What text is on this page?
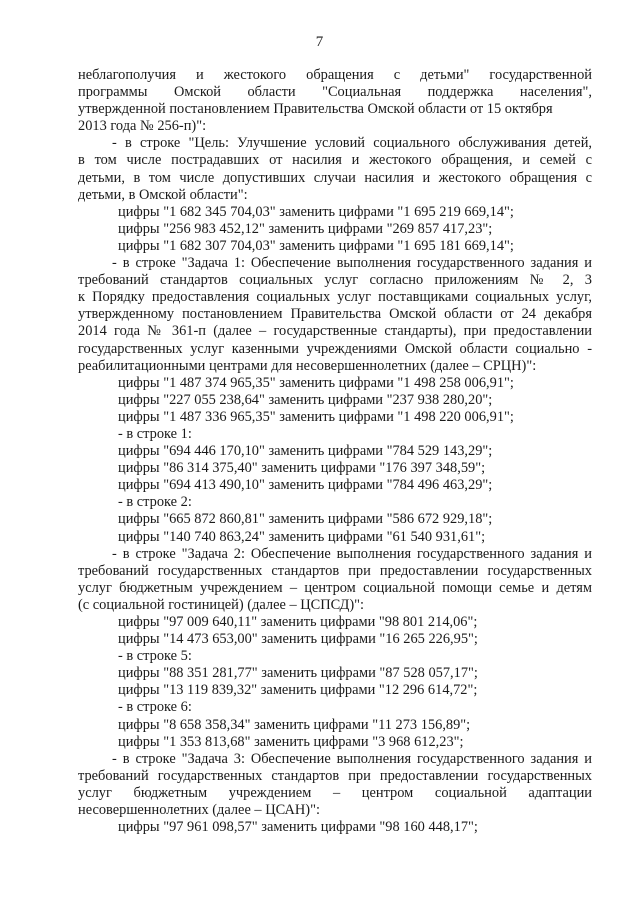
7
неблагополучия и жестокого обращения с детьми" государственной
программы Омской области "Социальная поддержка населения",
утвержденной постановлением Правительства Омской области от 15 октября
2013 года № 256-п)":
- в строке "Цель: Улучшение условий социального обслуживания детей,
в том числе пострадавших от насилия и жестокого обращения, и семей с
детьми, в том числе допустивших случаи насилия и жестокого обращения с
детьми, в Омской области":
цифры "1 682 345 704,03" заменить цифрами "1 695 219 669,14";
цифры "256 983 452,12" заменить цифрами "269 857 417,23";
цифры "1 682 307 704,03" заменить цифрами "1 695 181 669,14";
- в строке "Задача 1: Обеспечение выполнения государственного задания и
требований стандартов социальных услуг согласно приложениям № 2, 3
к Порядку предоставления социальных услуг поставщиками социальных услуг,
утвержденному постановлением Правительства Омской области от 24 декабря
2014 года № 361-п (далее – государственные стандарты), при предоставлении
государственных услуг казенными учреждениями Омской области социально -
реабилитационными центрами для несовершеннолетних (далее – СРЦН)":
цифры "1 487 374 965,35" заменить цифрами "1 498 258 006,91";
цифры "227 055 238,64" заменить цифрами "237 938 280,20";
цифры "1 487 336 965,35" заменить цифрами "1 498 220 006,91";
- в строке 1:
цифры "694 446 170,10" заменить цифрами "784 529 143,29";
цифры "86 314 375,40" заменить цифрами "176 397 348,59";
цифры "694 413 490,10" заменить цифрами "784 496 463,29";
- в строке 2:
цифры "665 872 860,81" заменить цифрами "586 672 929,18";
цифры "140 740 863,24" заменить цифрами "61 540 931,61";
- в строке "Задача 2: Обеспечение выполнения государственного задания и
требований государственных стандартов при предоставлении государственных
услуг бюджетным учреждением – центром социальной помощи семье и детям
(с социальной гостиницей) (далее – ЦСПСД)":
цифры "97 009 640,11" заменить цифрами "98 801 214,06";
цифры "14 473 653,00" заменить цифрами "16 265 226,95";
- в строке 5:
цифры "88 351 281,77" заменить цифрами "87 528 057,17";
цифры "13 119 839,32" заменить цифрами "12 296 614,72";
- в строке 6:
цифры "8 658 358,34" заменить цифрами "11 273 156,89";
цифры "1 353 813,68" заменить цифрами "3 968 612,23";
- в строке "Задача 3: Обеспечение выполнения государственного задания и
требований государственных стандартов при предоставлении государственных
услуг бюджетным учреждением – центром социальной адаптации
несовершеннолетних (далее – ЦСАН)":
цифры "97 961 098,57" заменить цифрами "98 160 448,17";
